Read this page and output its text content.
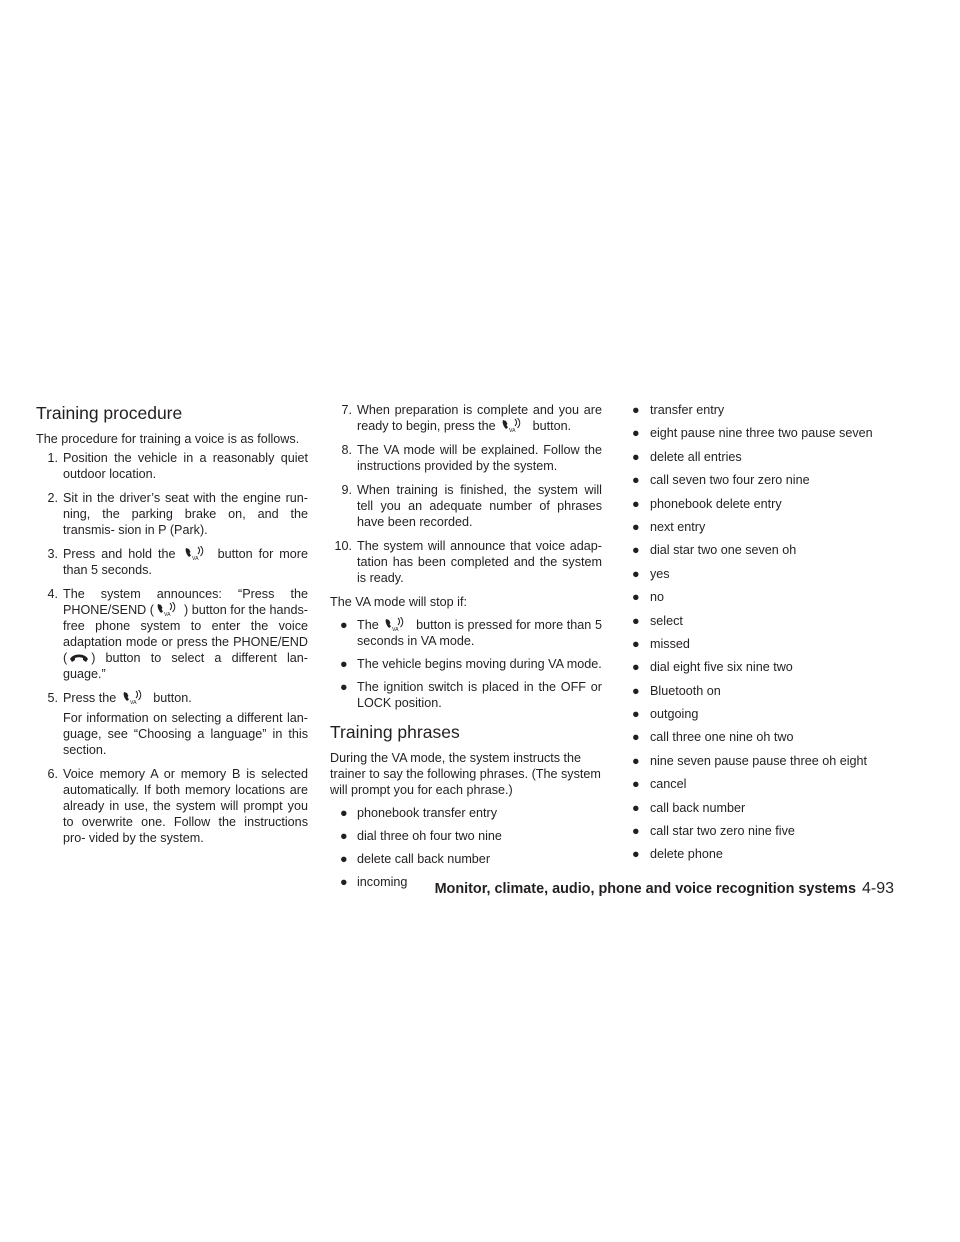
Training procedure

The procedure for training a voice is as follows.

1. Position the vehicle in a reasonably quiet outdoor location.
2. Sit in the driver’s seat with the engine run- ning, the parking brake on, and the transmis- sion in P (Park).
3. Press and hold the	button for more than 5 seconds.
4. The system announces: “Press the PHONE/SEND ( ) button for the hands-free phone system to enter the voice adaptation mode or press the PHONE/END ( ) button to select a different lan- guage.”
5. Press the	button.

For information on selecting a different lan- guage, see “Choosing a language” in this section.

6. Voice memory A or memory B is selected automatically. If both memory locations are already in use, the system will prompt you to overwrite one. Follow the instructions pro- vided by the system.
7. When preparation is complete and you are ready to begin, press the	button.
8. The VA mode will be explained. Follow the instructions provided by the system.
9. When training is finished, the system will tell you an adequate number of phrases have been recorded.
10. The system will announce that voice adap- tation has been completed and the system is ready.

The VA mode will stop if:

● The	button is pressed for more than 5 seconds in VA mode.
● The vehicle begins moving during VA mode.
● The ignition switch is placed in the OFF or LOCK position.
Training phrases

During the VA mode, the system instructs the trainer to say the following phrases. (The system will prompt you for each phrase.)

● phonebook transfer entry
● dial three oh four two nine
● delete call back number
● incoming
● transfer entry
● eight pause nine three two pause seven
● delete all entries
● call seven two four zero nine
● phonebook delete entry
● next entry
● dial star two one seven oh
● yes
● no
● select
● missed
● dial eight five six nine two
● Bluetooth on
● outgoing
● call three one nine oh two
● nine seven pause pause three oh eight
● cancel
● call back number
● call star two zero nine five
● delete phone
Monitor, climate, audio, phone and voice recognition systems 4-93
